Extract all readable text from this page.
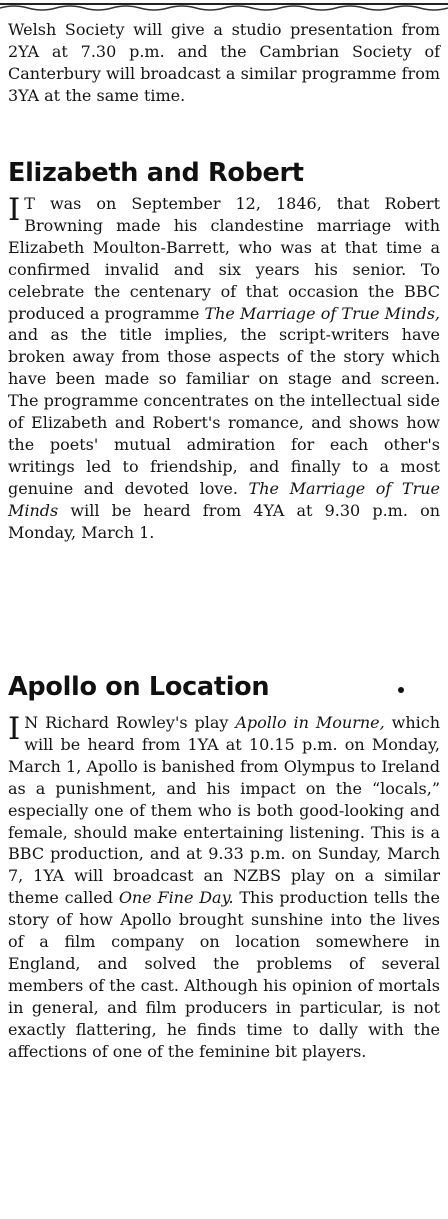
Welsh Society will give a studio presentation from 2YA at 7.30 p.m. and the Cambrian Society of Canterbury will broadcast a similar programme from 3YA at the same time.
Elizabeth and Robert
I T was on September 12, 1846, that Robert Browning made his clandestine marriage with Elizabeth Moulton-Barrett, who was at that time a confirmed invalid and six years his senior. To celebrate the centenary of that occasion the BBC produced a programme The Marriage of True Minds, and as the title implies, the script-writers have broken away from those aspects of the story which have been made so familiar on stage and screen. The programme concentrates on the intellectual side of Elizabeth and Robert's romance, and shows how the poets' mutual admiration for each other's writings led to friendship, and finally to a most genuine and devoted love. The Marriage of True Minds will be heard from 4YA at 9.30 p.m. on Monday, March 1.
Apollo on Location
I N Richard Rowley's play Apollo in Mourne, which will be heard from 1YA at 10.15 p.m. on Monday, March 1, Apollo is banished from Olympus to Ireland as a punishment, and his impact on the “locals,” especially one of them who is both good-looking and female, should make entertaining listening. This is a BBC production, and at 9.33 p.m. on Sunday, March 7, 1YA will broadcast an NZBS play on a similar theme called One Fine Day. This production tells the story of how Apollo brought sunshine into the lives of a film company on location somewhere in England, and solved the problems of several members of the cast. Although his opinion of mortals in general, and film producers in particular, is not exactly flattering, he finds time to dally with the affections of one of the feminine bit players.
